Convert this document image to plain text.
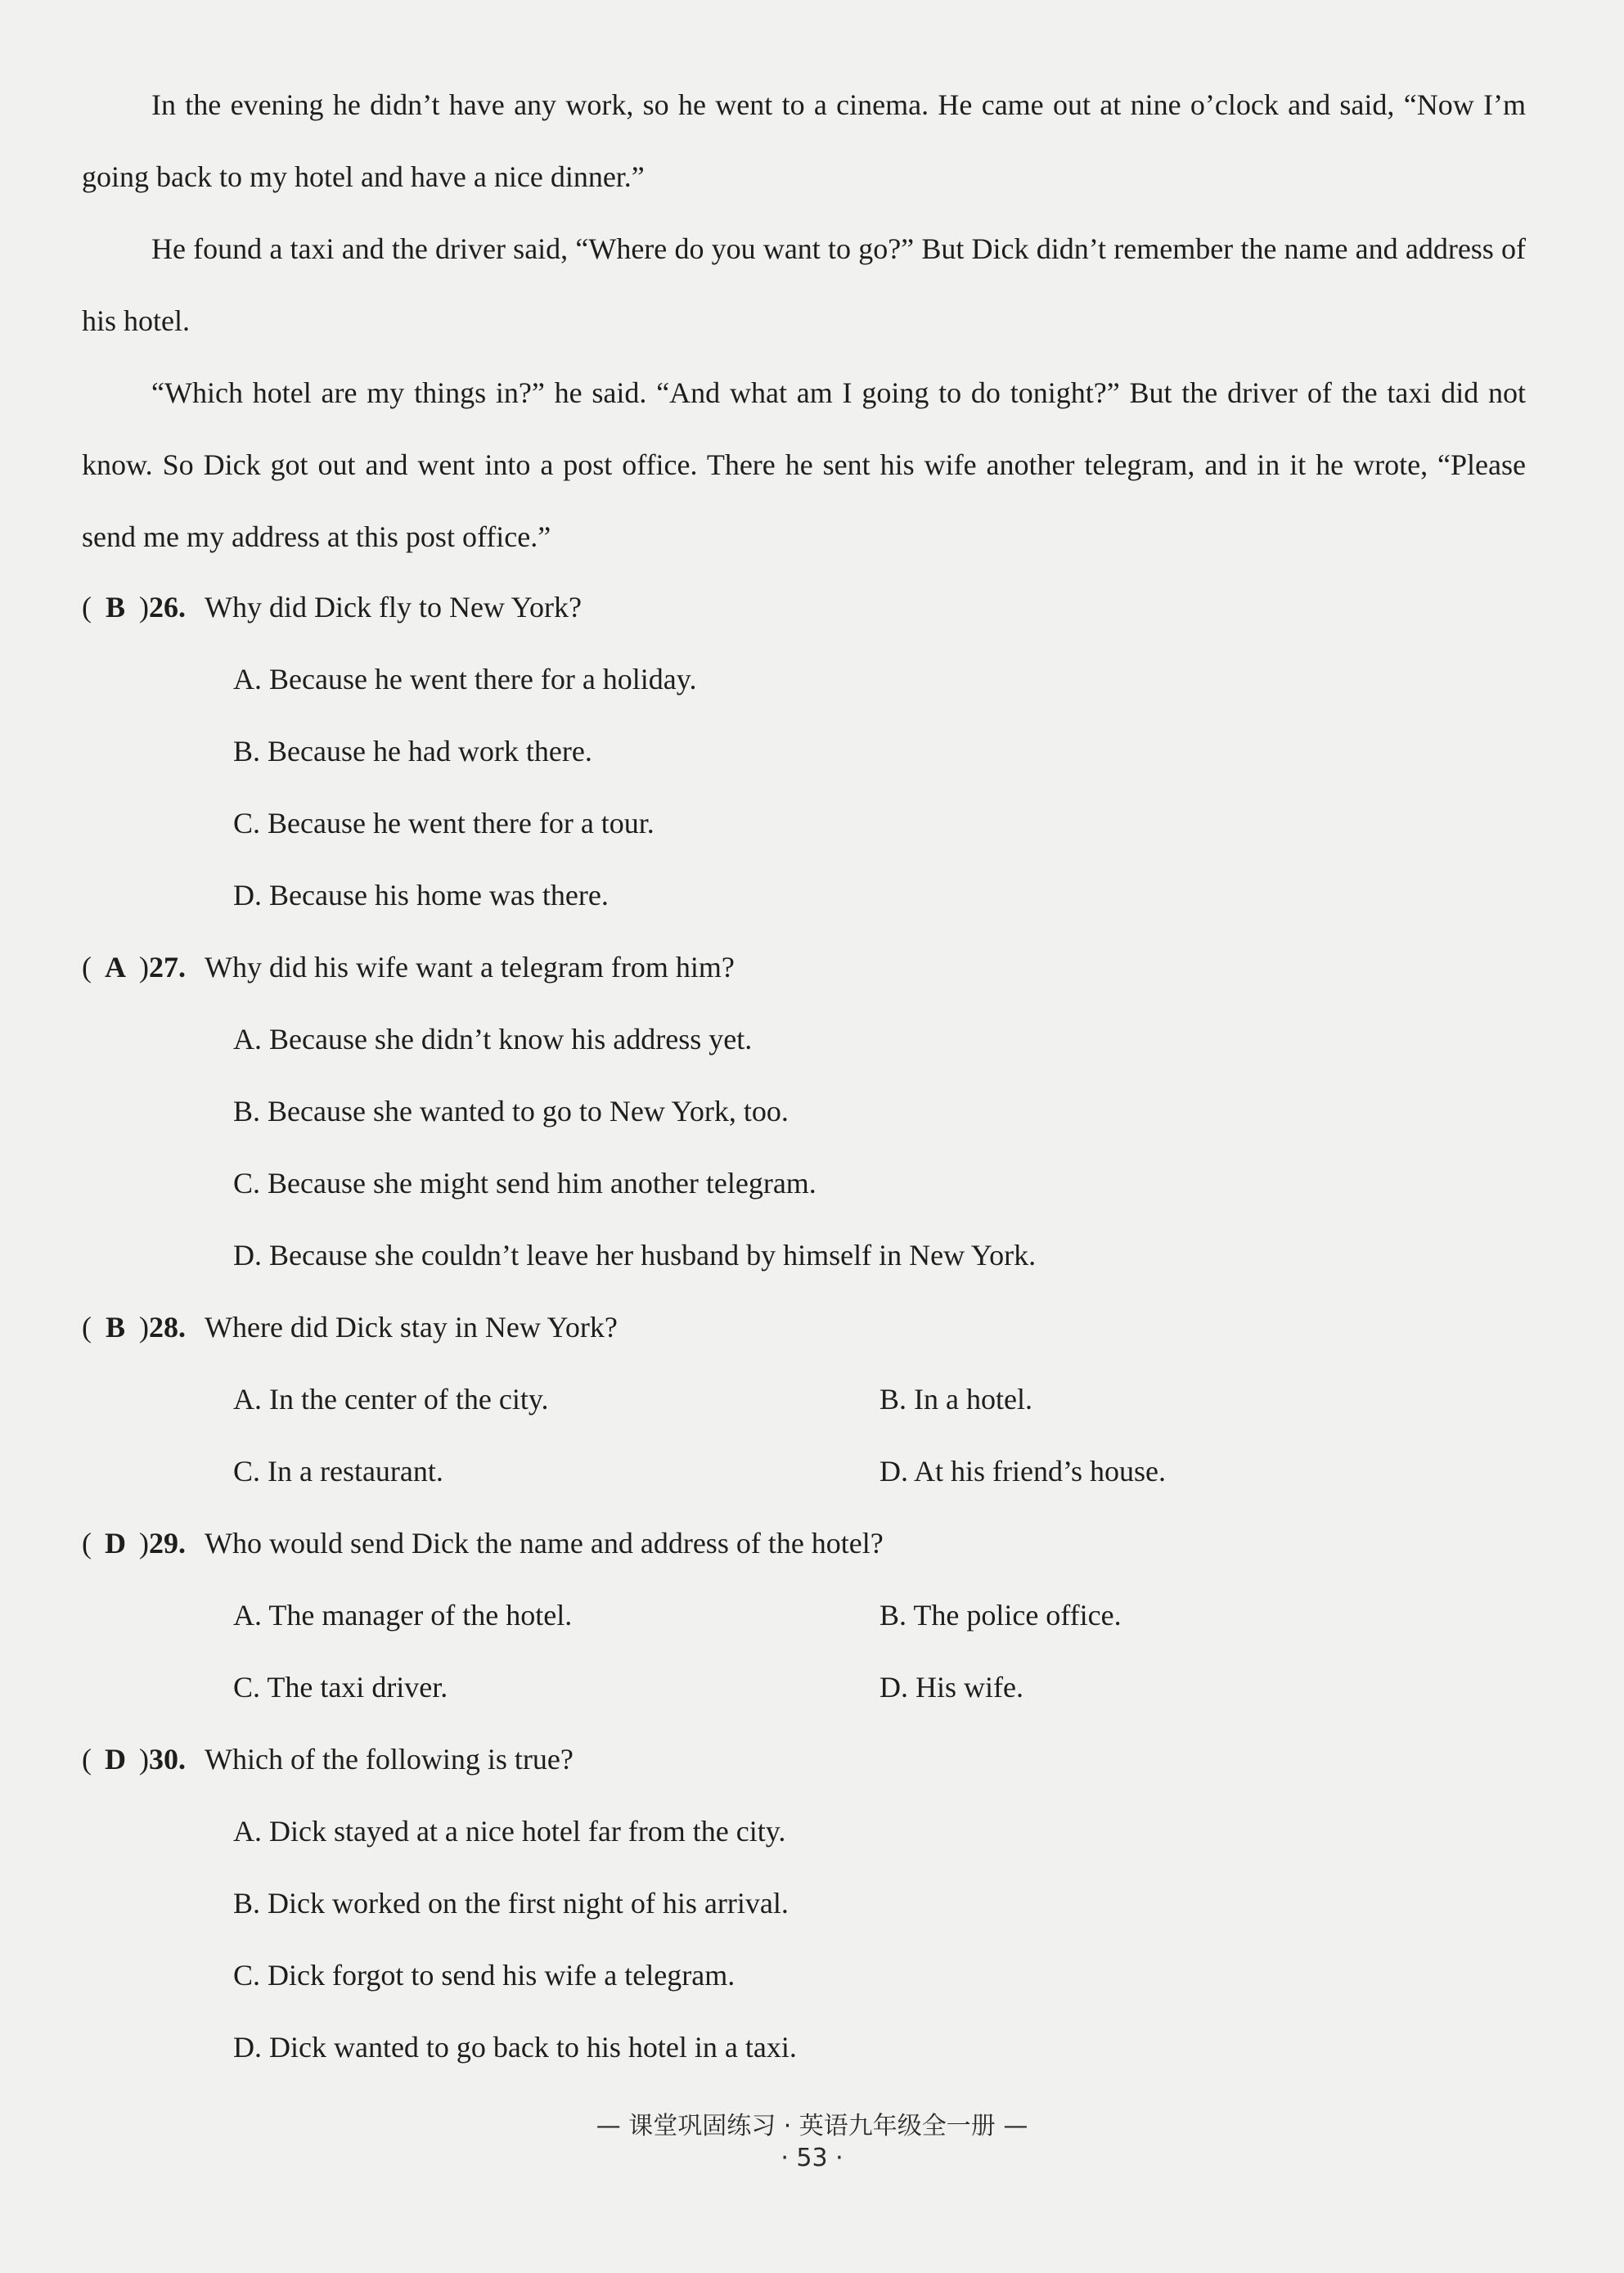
In the evening he didn’t have any work, so he went to a cinema. He came out at nine o’clock and said, “Now I’m going back to my hotel and have a nice dinner.”

He found a taxi and the driver said, “Where do you want to go?” But Dick didn’t remember the name and address of his hotel.

“Which hotel are my things in?” he said. “And what am I going to do tonight?” But the driver of the taxi did not know. So Dick got out and went into a post office. There he sent his wife another telegram, and in it he wrote, “Please send me my address at this post office.”

( B )26. Why did Dick fly to New York?
A. Because he went there for a holiday.
B. Because he had work there.
C. Because he went there for a tour.
D. Because his home was there.
( A )27. Why did his wife want a telegram from him?
A. Because she didn’t know his address yet.
B. Because she wanted to go to New York, too.
C. Because she might send him another telegram.
D. Because she couldn’t leave her husband by himself in New York.
( B )28. Where did Dick stay in New York?
A. In the center of the city.	B. In a hotel.
C. In a restaurant.	D. At his friend’s house.
( D )29. Who would send Dick the name and address of the hotel?
A. The manager of the hotel.	B. The police office.
C. The taxi driver.	D. His wife.
( D )30. Which of the following is true?
A. Dick stayed at a nice hotel far from the city.
B. Dick worked on the first night of his arrival.
C. Dick forgot to send his wife a telegram.
D. Dick wanted to go back to his hotel in a taxi.
— 课堂巩固练习 · 英语九年级全一册 —
· 53 ·
